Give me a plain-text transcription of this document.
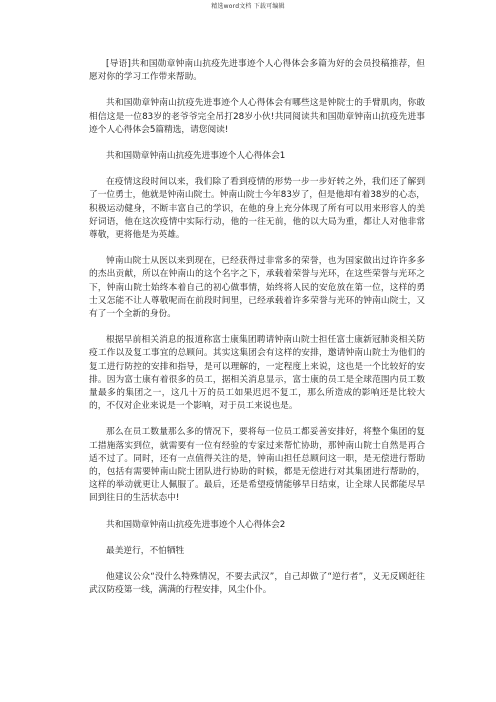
精选word文档 下载可编辑

[导语]共和国勋章钟南山抗疫先进事迹个人心得体会多篇为好的会员投稿推荐，但愿对你的学习工作带来帮助。

共和国勋章钟南山抗疫先进事迹个人心得体会有哪些这是钟院士的手臂肌肉，你敢相信这是一位83岁的老爷爷完全吊打28岁小伙!共同阅读共和国勋章钟南山抗疫先进事迹个人心得体会5篇精选，请您阅读!

共和国勋章钟南山抗疫先进事迹个人心得体会1

在疫情这段时间以来，我们除了看到疫情的形势一步一步好转之外，我们还了解到了一位勇士，他就是钟南山院士。钟南山院士今年83岁了，但是他却有着38岁的心态，积极运动健身，不断丰富自己的学识，在他的身上充分体现了所有可以用来形容人的美好词语，他在这次疫情中实际行动，他的一往无前，他的以大局为重，都让人对他非常尊敬，更将他是为英雄。

钟南山院士从医以来到现在，已经获得过非常多的荣誉，也为国家做出过许许多多的杰出贡献，所以在钟南山的这个名字之下，承载着荣誉与光环，在这些荣誉与光环之下，钟南山院士始终本着自己的初心做事情，始终将人民的安危放在第一位，这样的勇士又怎能不让人尊敬呢而在前段时间里，已经承载着许多荣誉与光环的钟南山院士，又有了一个全新的身份。

根据早前相关消息的报道称富士康集团聘请钟南山院士担任富士康新冠肺炎相关防疫工作以及复工事宜的总顾问。其实这集团会有这样的安排，邀请钟南山院士为他们的复工进行防控的安排和指导，是可以理解的，一定程度上来说，这也是一个比较好的安排。因为富士康有着很多的员工，据相关消息显示，富士康的员工是全球范围内员工数量最多的集团之一，这几十万的员工如果迟迟不复工，那么所造成的影响还是比较大的，不仅对企业来说是一个影响，对于员工来说也是。

那么在员工数量那么多的情况下，要将每一位员工都妥善安排好，将整个集团的复工措施落实到位，就需要有一位有经验的专家过来帮忙协助，那钟南山院士自然是再合适不过了。同时，还有一点值得关注的是，钟南山担任总顾问这一职，是无偿进行帮助的，包括有需要钟南山院士团队进行协助的时候，都是无偿进行对其集团进行帮助的，这样的举动就更让人佩服了。最后，还是希望疫情能够早日结束，让全球人民都能尽早回到往日的生活状态中!

共和国勋章钟南山抗疫先进事迹个人心得体会2

最美逆行，不怕牺牲

他建议公众“没什么特殊情况，不要去武汉”，自己却做了“逆行者”，义无反顾赶往武汉防疫第一线，满满的行程安排，风尘仆仆。
